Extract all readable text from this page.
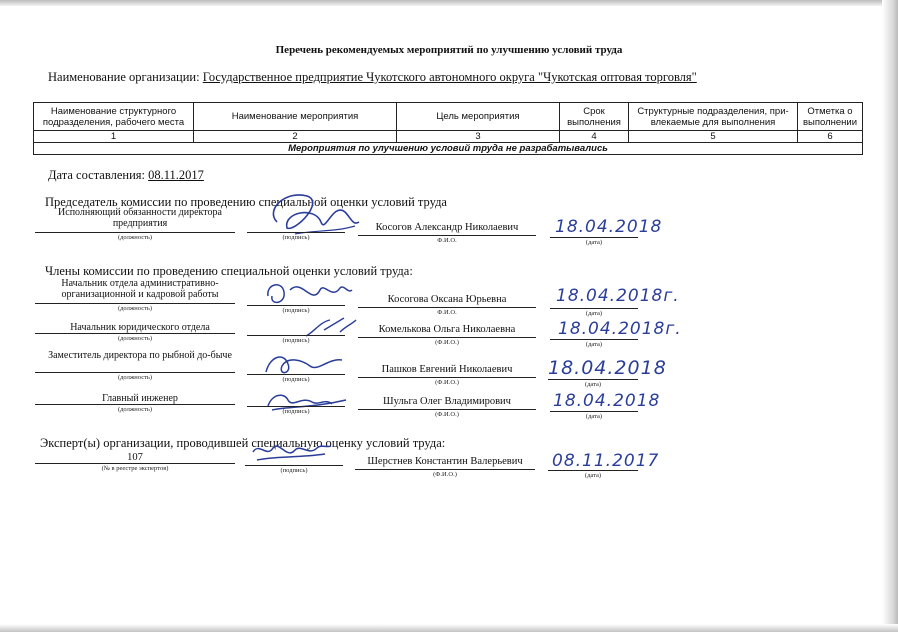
Перечень рекомендуемых мероприятий по улучшению условий труда
Наименование организации: Государственное предприятие Чукотского автономного округа "Чукотская оптовая торговля"
Наименование структурного подразделения, рабочего места	Наименование мероприятия	Цель мероприятия	Срок выполнения	Структурные подразделения, при-влекаемые для выполнения	Отметка о выполнении
1	2	3	4	5	6
Мероприятия по улучшению условий труда не разрабатывались					
Дата составления: 08.11.2017
Председатель комиссии по проведению специальной оценки условий труда
Исполняющий обязанности директора предприятия
(должность)	(подпись)
Косогов Александр Николаевич
Ф.И.О.
18.04.2018
(дата)
Члены комиссии по проведению специальной оценки условий труда:
Начальник отдела административно-организационной и кадровой работы
(должность)	(подпись)
Косогова Оксана Юрьевна
Ф.И.О.
18.04.2018г.
(дата)
Начальник юридического отдела
(должность)	(подпись)
Комелькова Ольга Николаевна
(Ф.И.О.)
18.04.2018г.
(дата)
Заместитель директора по рыбной до-быче
(должность)	(подпись)
Пашков Евгений Николаевич
(Ф.И.О.)
18.04.2018
(дата)
Главный инженер
(должность)	(подпись)
Шульга Олег Владимирович
(Ф.И.О.)
18.04.2018
(дата)
Эксперт(ы) организации, проводившей специальную оценку условий труда:
107
(№ в реестре экспертов)	(подпись)
Шерстнев Константин Валерьевич
(Ф.И.О.)
08.11.2017
(дата)
